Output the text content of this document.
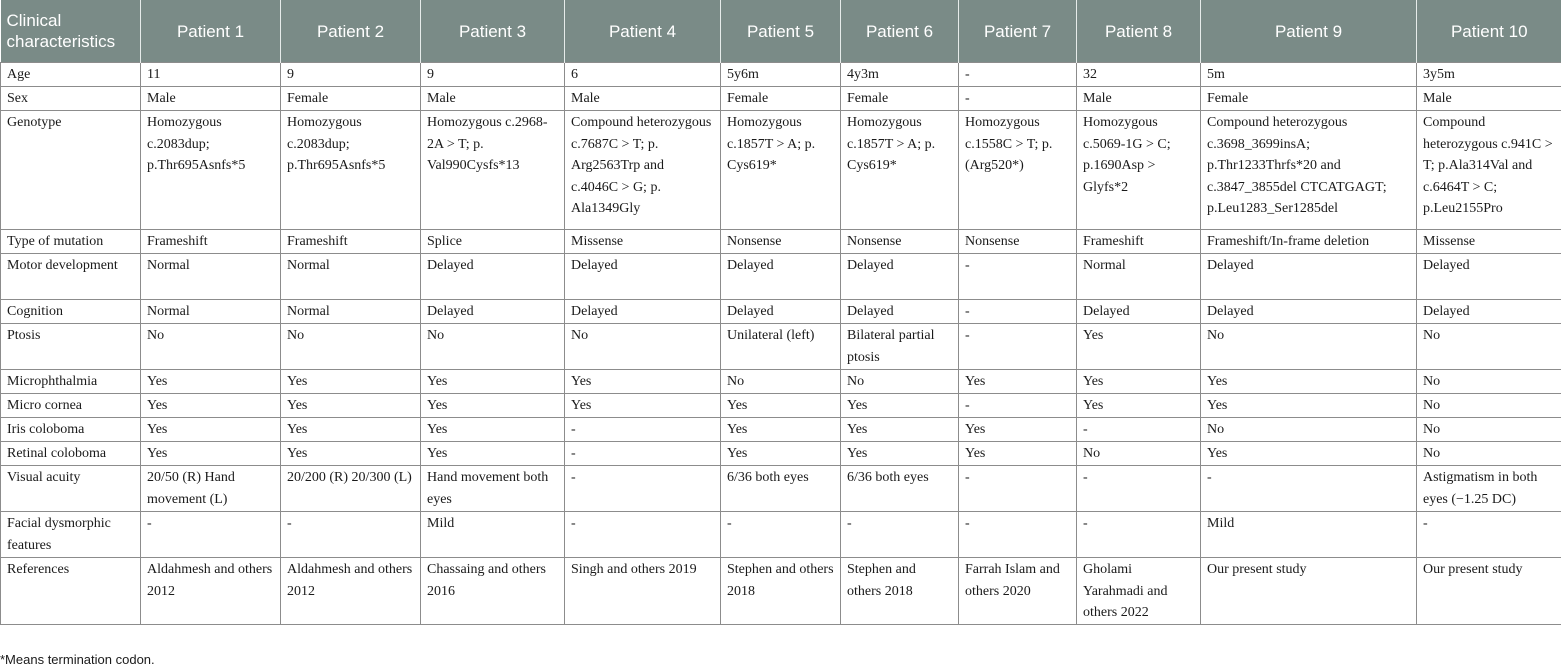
Clinical characteristics	Patient 1	Patient 2	Patient 3	Patient 4	Patient 5	Patient 6	Patient 7	Patient 8	Patient 9	Patient 10
Age	11	9	9	6	5y6m	4y3m	-	32	5m	3y5m
Sex	Male	Female	Male	Male	Female	Female	-	Male	Female	Male
Genotype	Homozygous c.2083dup; p.Thr695Asnfs*5	Homozygous c.2083dup; p.Thr695Asnfs*5	Homozygous c.2968-2A > T; p. Val990Cysfs*13	Compound heterozygous c.7687C > T; p. Arg2563Trp and c.4046C > G; p. Ala1349Gly	Homozygous c.1857T > A; p. Cys619*	Homozygous c.1857T > A; p. Cys619*	Homozygous c.1558C > T; p. (Arg520*)	Homozygous c.5069-1G > C; p.1690Asp > Glyfs*2	Compound heterozygous c.3698_3699insA; p.Thr1233Thrfs*20 and c.3847_3855del CTCATGAGT; p.Leu1283_Ser1285del	Compound heterozygous c.941C > T; p.Ala314Val and c.6464T > C; p.Leu2155Pro
Type of mutation	Frameshift	Frameshift	Splice	Missense	Nonsense	Nonsense	Nonsense	Frameshift	Frameshift/In-frame deletion	Missense
Motor development	Normal	Normal	Delayed	Delayed	Delayed	Delayed	-	Normal	Delayed	Delayed
Cognition	Normal	Normal	Delayed	Delayed	Delayed	Delayed	-	Delayed	Delayed	Delayed
Ptosis	No	No	No	No	Unilateral (left)	Bilateral partial ptosis	-	Yes	No	No
Microphthalmia	Yes	Yes	Yes	Yes	No	No	Yes	Yes	Yes	No
Micro cornea	Yes	Yes	Yes	Yes	Yes	Yes	-	Yes	Yes	No
Iris coloboma	Yes	Yes	Yes	-	Yes	Yes	Yes	-	No	No
Retinal coloboma	Yes	Yes	Yes	-	Yes	Yes	Yes	No	Yes	No
Visual acuity	20/50 (R) Hand movement (L)	20/200 (R) 20/300 (L)	Hand movement both eyes	-	6/36 both eyes	6/36 both eyes	-	-	-	Astigmatism in both eyes (−1.25 DC)
Facial dysmorphic features	-	-	Mild	-	-	-	-	-	Mild	-
References	Aldahmesh and others 2012	Aldahmesh and others 2012	Chassaing and others 2016	Singh and others 2019	Stephen and others 2018	Stephen and others 2018	Farrah Islam and others 2020	Gholami Yarahmadi and others 2022	Our present study	Our present study
*Means termination codon.
